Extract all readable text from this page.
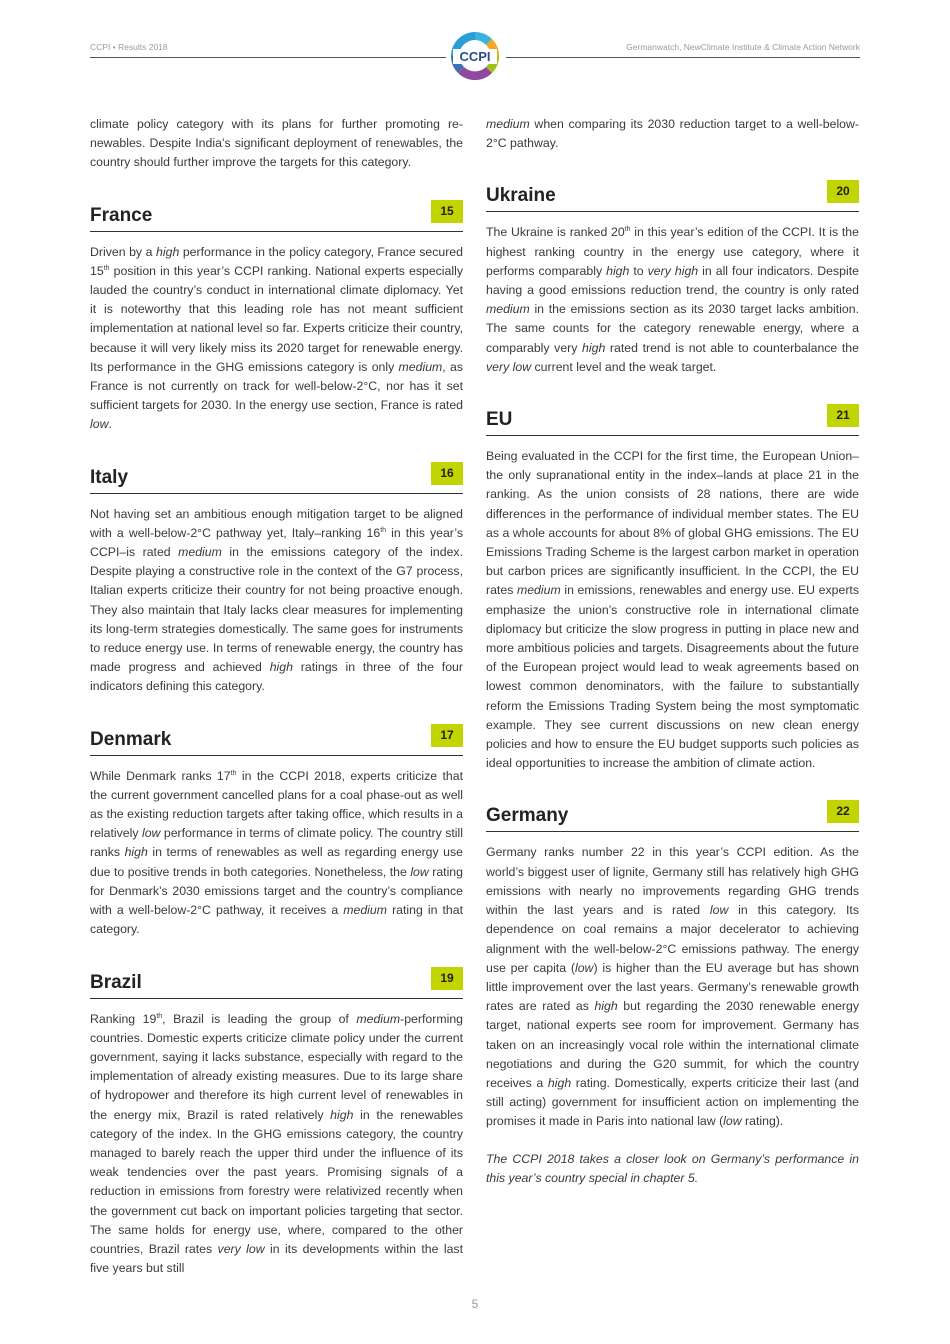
CCPI • Results 2018	Germanwatch, NewClimate Institute & Climate Action Network
CCPI

climate policy category with its plans for further promoting renewables. Despite India’s significant deployment of renewables, the country should further improve the targets for this category.

France	15

Driven by a high performance in the policy category, France secured 15th position in this year’s CCPI ranking. National experts especially lauded the country’s conduct in international climate diplomacy. Yet it is noteworthy that this leading role has not meant sufficient implementation at national level so far. Experts criticize their country, because it will very likely miss its 2020 target for renewable energy. Its performance in the GHG emissions category is only medium, as France is not currently on track for well-below-2°C, nor has it set sufficient targets for 2030. In the energy use section, France is rated low.

Italy	16

Not having set an ambitious enough mitigation target to be aligned with a well-below-2°C pathway yet, Italy–ranking 16th in this year’s CCPI–is rated medium in the emissions category of the index. Despite playing a constructive role in the context of the G7 process, Italian experts criticize their country for not being proactive enough. They also maintain that Italy lacks clear measures for implementing its long-term strategies domestically. The same goes for instruments to reduce energy use. In terms of renewable energy, the country has made progress and achieved high ratings in three of the four indicators defining this category.

Denmark	17

While Denmark ranks 17th in the CCPI 2018, experts criticize that the current government cancelled plans for a coal phase-out as well as the existing reduction targets after taking office, which results in a relatively low performance in terms of climate policy. The country still ranks high in terms of renewables as well as regarding energy use due to positive trends in both categories. Nonetheless, the low rating for Denmark’s 2030 emissions target and the country’s compliance with a well-below-2°C pathway, it receives a medium rating in that category.

Brazil	19

Ranking 19th, Brazil is leading the group of medium-performing countries. Domestic experts criticize climate policy under the current government, saying it lacks substance, especially with regard to the implementation of already existing measures. Due to its large share of hydropower and therefore its high current level of renewables in the energy mix, Brazil is rated relatively high in the renewables category of the index. In the GHG emissions category, the country managed to barely reach the upper third under the influence of its weak tendencies over the past years. Promising signals of a reduction in emissions from forestry were relativized recently when the government cut back on important policies targeting that sector. The same holds for energy use, where, compared to the other countries, Brazil rates very low in its developments within the last five years but still

medium when comparing its 2030 reduction target to a well-below-2°C pathway.

Ukraine	20

The Ukraine is ranked 20th in this year’s edition of the CCPI. It is the highest ranking country in the energy use category, where it performs comparably high to very high in all four indicators. Despite having a good emissions reduction trend, the country is only rated medium in the emissions section as its 2030 target lacks ambition. The same counts for the category renewable energy, where a comparably very high rated trend is not able to counterbalance the very low current level and the weak target.

EU	21

Being evaluated in the CCPI for the first time, the European Union–the only supranational entity in the index–lands at place 21 in the ranking. As the union consists of 28 nations, there are wide differences in the performance of individual member states. The EU as a whole accounts for about 8% of global GHG emissions. The EU Emissions Trading Scheme is the largest carbon market in operation but carbon prices are significantly insufficient. In the CCPI, the EU rates medium in emissions, renewables and energy use. EU experts emphasize the union’s constructive role in international climate diplomacy but criticize the slow progress in putting in place new and more ambitious policies and targets. Disagreements about the future of the European project would lead to weak agreements based on lowest common denominators, with the failure to substantially reform the Emissions Trading System being the most symptomatic example. They see current discussions on new clean energy policies and how to ensure the EU budget supports such policies as ideal opportunities to increase the ambition of climate action.

Germany	22

Germany ranks number 22 in this year’s CCPI edition. As the world’s biggest user of lignite, Germany still has relatively high GHG emissions with nearly no improvements regarding GHG trends within the last years and is rated low in this category. Its dependence on coal remains a major decelerator to achieving alignment with the well-below-2°C emissions pathway. The energy use per capita (low) is higher than the EU average but has shown little improvement over the last years. Germany’s renewable growth rates are rated as high but regarding the 2030 renewable energy target, national experts see room for improvement. Germany has taken on an increasingly vocal role within the international climate negotiations and during the G20 summit, for which the country receives a high rating. Domestically, experts criticize their last (and still acting) government for insufficient action on implementing the promises it made in Paris into national law (low rating).

The CCPI 2018 takes a closer look on Germany’s performance in this year’s country special in chapter 5.

5
